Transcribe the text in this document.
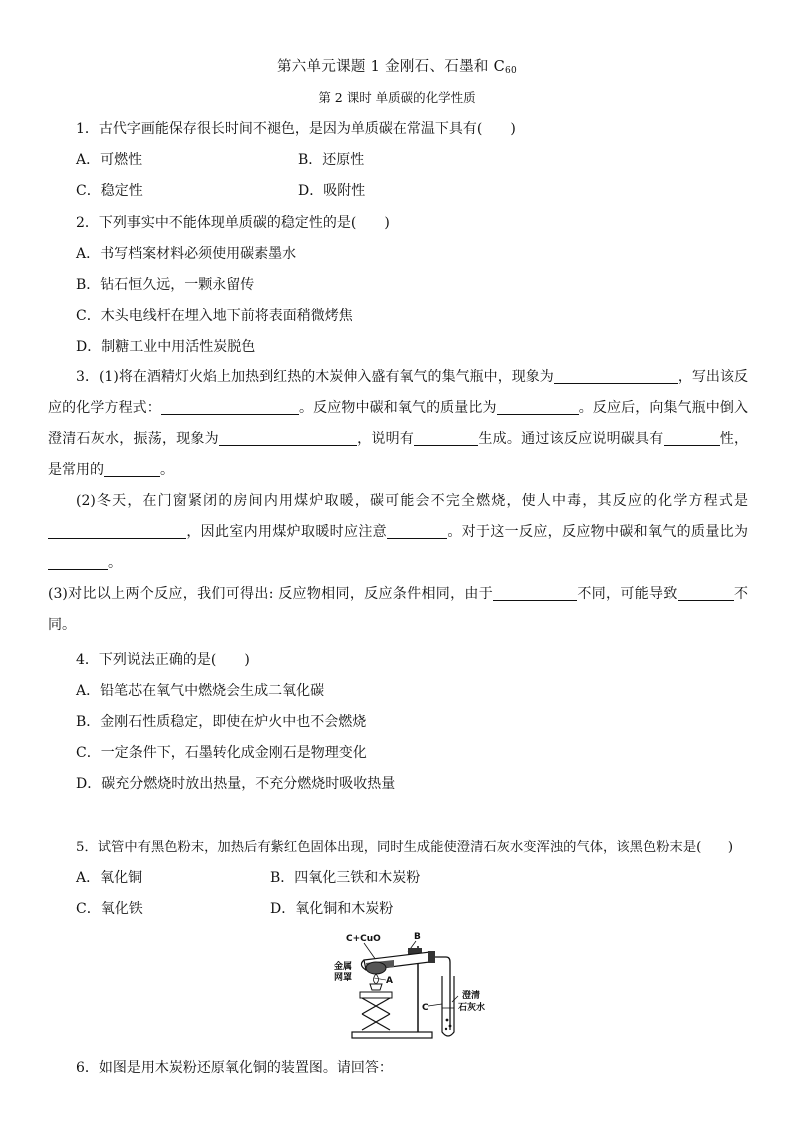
第六单元课题 1 金刚石、石墨和 $C_{60}$
第 2 课时 单质碳的化学性质
1．古代字画能保存很长时间不褪色，是因为单质碳在常温下具有(　　)
A．可燃性	B．还原性
C．稳定性	D．吸附性
2．下列事实中不能体现单质碳的稳定性的是(　　)
A．书写档案材料必须使用碳素墨水
B．钻石恒久远，一颗永留传
C．木头电线杆在埋入地下前将表面稍微烤焦
D．制糖工业中用活性炭脱色
3．(1)将在酒精灯火焰上加热到红热的木炭伸入盛有氧气的集气瓶中，现象为	，写出该反应的化学方程式：	。反应物中碳和氧气的质量比为	。反应后，向集气瓶中倒入澄清石灰水，振荡，现象为	，说明有	生成。通过该反应说明碳具有	性，是常用的	。
(2)冬天，在门窗紧闭的房间内用煤炉取暖，碳可能会不完全燃烧，使人中毒，其反应的化学方程式是，因此室内用煤炉取暖时应注意	。对于这一反应，反应物中碳和氧气的质量比为。
(3)对比以上两个反应，我们可得出: 反应物相同，反应条件相同，由于	不同，可能导致	不同。
4．下列说法正确的是(　　)
A．铅笔芯在氧气中燃烧会生成二氧化碳
B．金刚石性质稳定，即使在炉火中也不会燃烧
C．一定条件下，石墨转化成金刚石是物理变化
D．碳充分燃烧时放出热量，不充分燃烧时吸收热量
5．试管中有黑色粉末，加热后有紫红色固体出现，同时生成能使澄清石灰水变浑浊的气体，该黑色粉末是(　　)
A．氧化铜	B．四氧化三铁和木炭粉
C．氧化铁	D．氧化铜和木炭粉
C+CuO	B
金属
网罩	A
C
澄清
石灰水
6．如图是用木炭粉还原氧化铜的装置图。请回答：
